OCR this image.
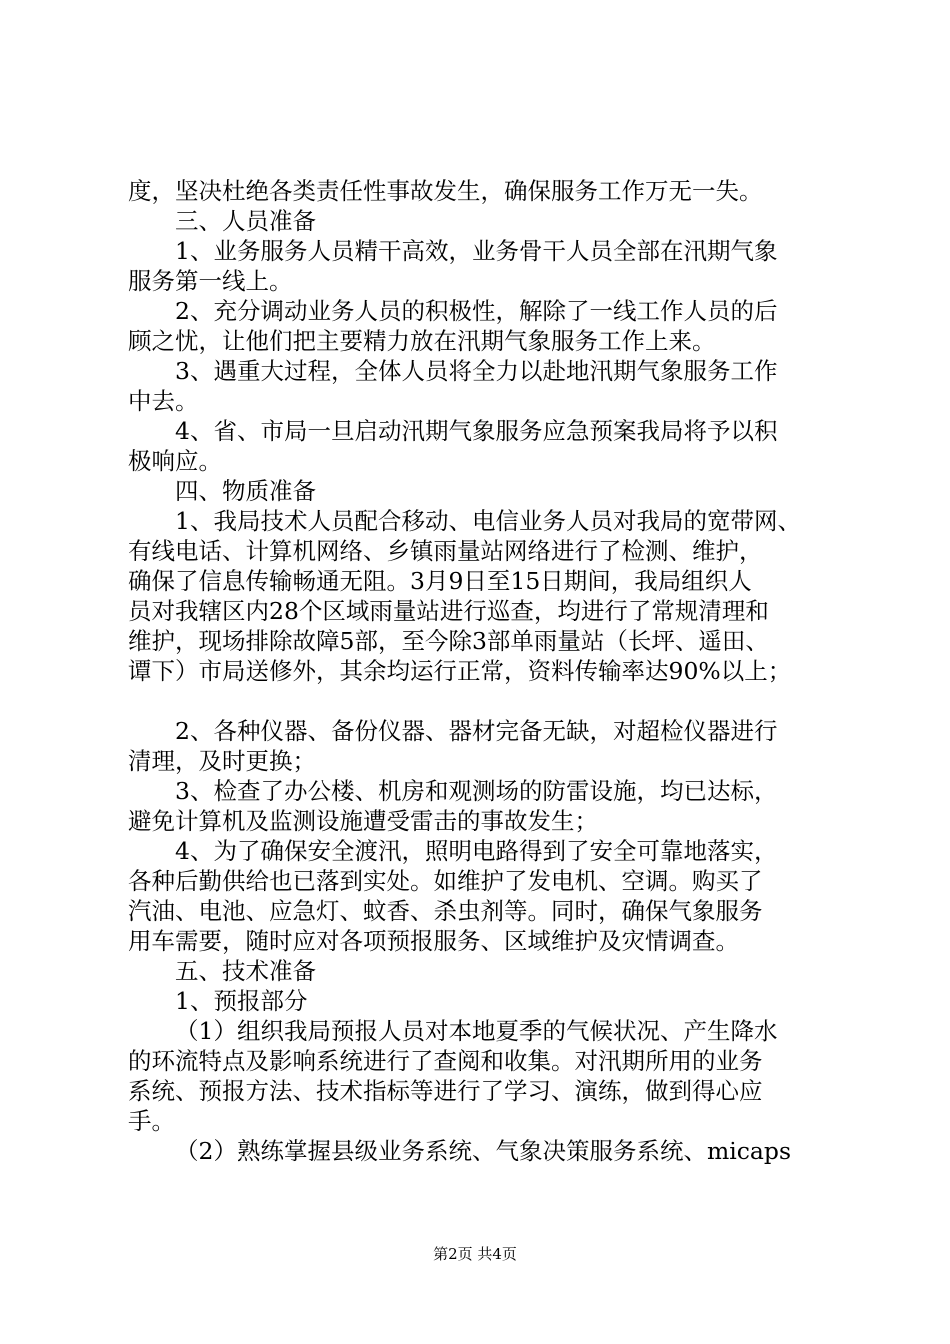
度，坚决杜绝各类责任性事故发生，确保服务工作万无一失。
三、人员准备
1、业务服务人员精干高效，业务骨干人员全部在汛期气象
服务第一线上。
2、充分调动业务人员的积极性，解除了一线工作人员的后
顾之忧，让他们把主要精力放在汛期气象服务工作上来。
3、遇重大过程，全体人员将全力以赴地汛期气象服务工作
中去。
4、省、市局一旦启动汛期气象服务应急预案我局将予以积
极响应。
四、物质准备
1、我局技术人员配合移动、电信业务人员对我局的宽带网、
有线电话、计算机网络、乡镇雨量站网络进行了检测、维护，
确保了信息传输畅通无阻。3月9日至15日期间，我局组织人
员对我辖区内28个区域雨量站进行巡查，均进行了常规清理和
维护，现场排除故障5部，至今除3部单雨量站（长坪、遥田、
谭下）市局送修外，其余均运行正常，资料传输率达90%以上；
2、各种仪器、备份仪器、器材完备无缺，对超检仪器进行
清理，及时更换；
3、检查了办公楼、机房和观测场的防雷设施，均已达标，
避免计算机及监测设施遭受雷击的事故发生；
4、为了确保安全渡汛，照明电路得到了安全可靠地落实，
各种后勤供给也已落到实处。如维护了发电机、空调。购买了
汽油、电池、应急灯、蚊香、杀虫剂等。同时，确保气象服务
用车需要，随时应对各项预报服务、区域维护及灾情调查。
五、技术准备
1、预报部分
（1）组织我局预报人员对本地夏季的气候状况、产生降水
的环流特点及影响系统进行了查阅和收集。对汛期所用的业务
系统、预报方法、技术指标等进行了学习、演练，做到得心应
手。
（2）熟练掌握县级业务系统、气象决策服务系统、micaps
第2页 共4页
